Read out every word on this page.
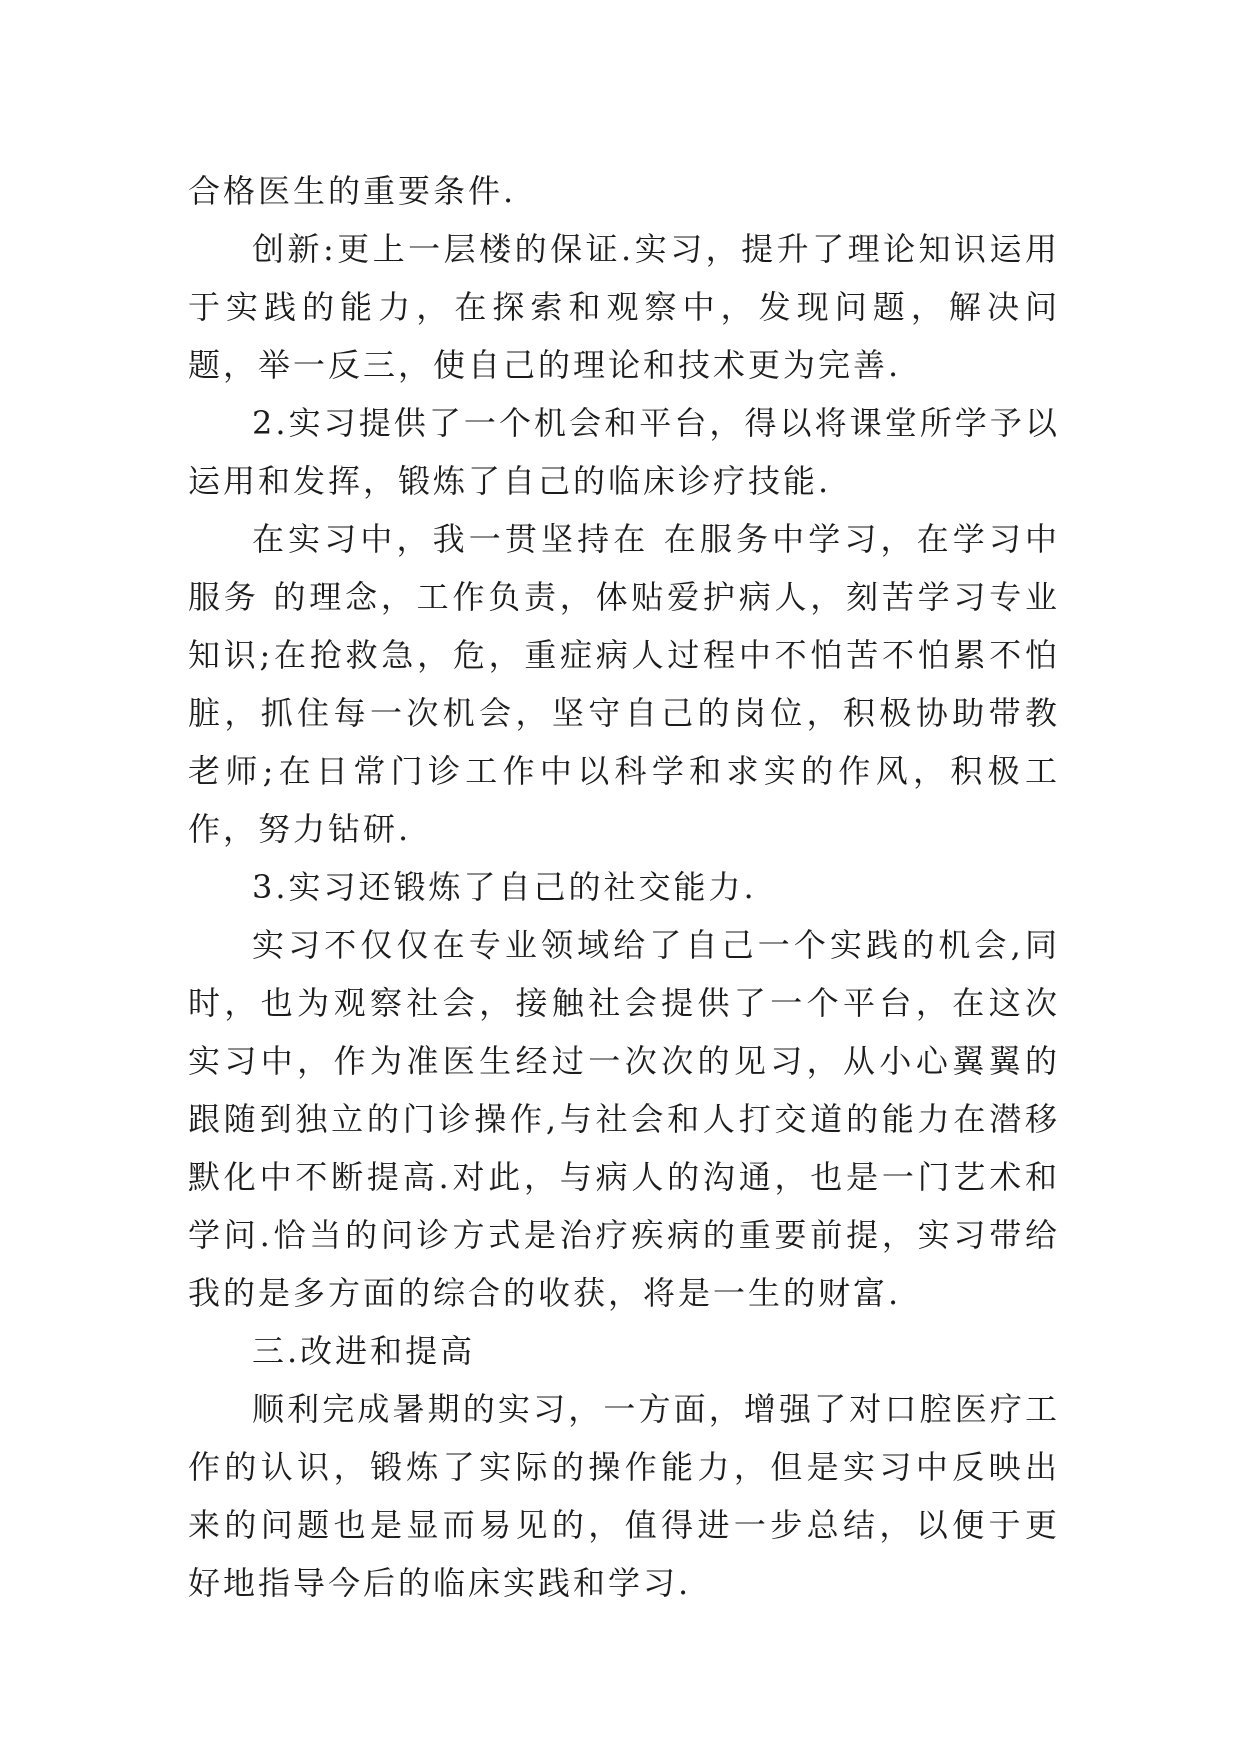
合格医生的重要条件.

创新:更上一层楼的保证.实习，提升了理论知识运用于实践的能力，在探索和观察中，发现问题，解决问题，举一反三，使自己的理论和技术更为完善.

2.实习提供了一个机会和平台，得以将课堂所学予以运用和发挥，锻炼了自己的临床诊疗技能.

在实习中，我一贯坚持在 在服务中学习，在学习中服务 的理念，工作负责，体贴爱护病人，刻苦学习专业知识;在抢救急，危，重症病人过程中不怕苦不怕累不怕脏，抓住每一次机会，坚守自己的岗位，积极协助带教老师;在日常门诊工作中以科学和求实的作风，积极工作，努力钻研.

3.实习还锻炼了自己的社交能力.

实习不仅仅在专业领域给了自己一个实践的机会,同时，也为观察社会，接触社会提供了一个平台，在这次实习中，作为准医生经过一次次的见习，从小心翼翼的跟随到独立的门诊操作,与社会和人打交道的能力在潜移默化中不断提高.对此，与病人的沟通，也是一门艺术和学问.恰当的问诊方式是治疗疾病的重要前提，实习带给我的是多方面的综合的收获，将是一生的财富.

三.改进和提高

顺利完成暑期的实习，一方面，增强了对口腔医疗工作的认识，锻炼了实际的操作能力，但是实习中反映出来的问题也是显而易见的，值得进一步总结，以便于更好地指导今后的临床实践和学习.
